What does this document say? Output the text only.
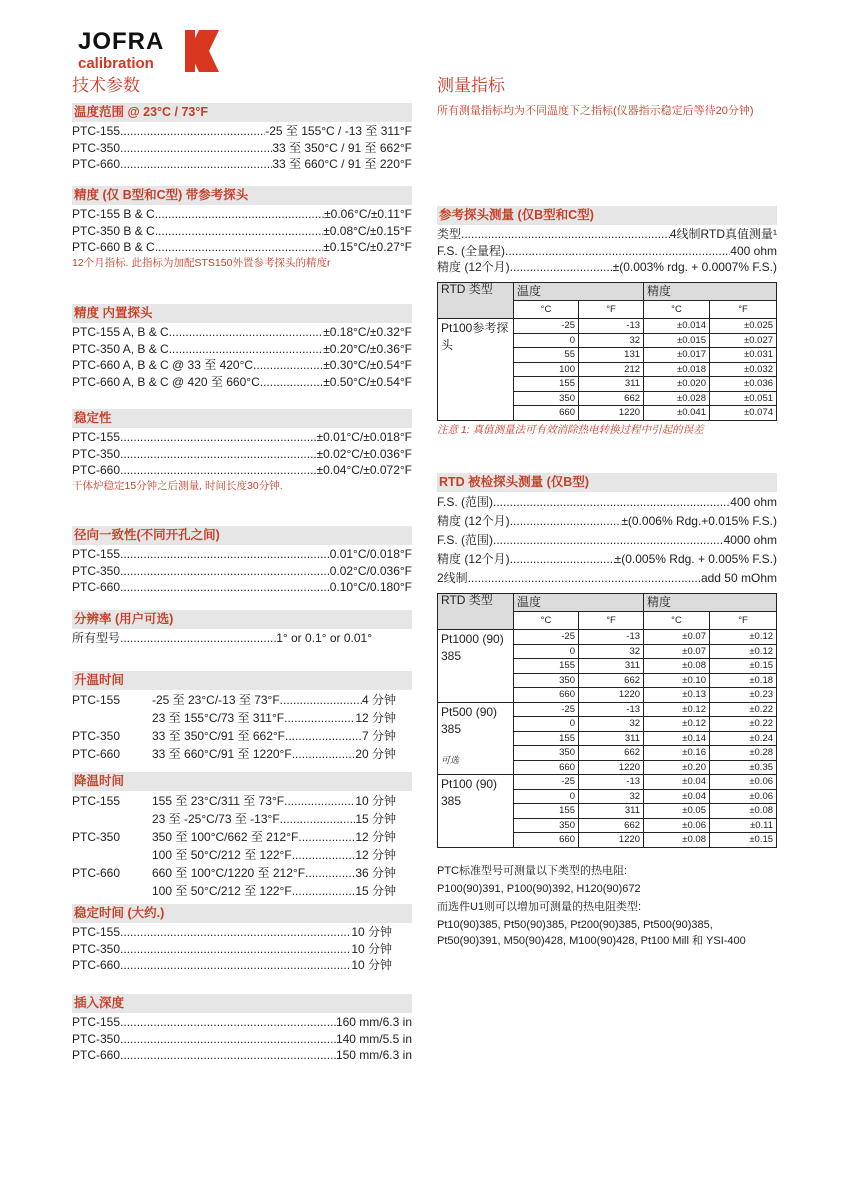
JOFRA
calibration
技术参数	测量指标
温度范围 @ 23°C / 73°F
PTC-155 .....	-25 至 155°C / -13 至 311°F
PTC-350 .....	33 至 350°C / 91 至 662°F
PTC-660 .....	33 至 660°C / 91 至 220°F
精度 (仅 B型和C型) 带参考探头
PTC-155 B & C .....	±0.06°C/±0.11°F
PTC-350 B & C .....	±0.08°C/±0.15°F
PTC-660 B & C .....	±0.15°C/±0.27°F
12个月指标. 此指标为加配STS150外置参考探头的精度r
精度 内置探头
PTC-155 A, B & C .....	±0.18°C/±0.32°F
PTC-350 A, B & C .....	±0.20°C/±0.36°F
PTC-660 A, B & C @ 33 至 420°C .....	±0.30°C/±0.54°F
PTC-660 A, B & C @ 420 至 660°C .....	±0.50°C/±0.54°F
稳定性
PTC-155 .....	±0.01°C/±0.018°F
PTC-350 .....	±0.02°C/±0.036°F
PTC-660 .....	±0.04°C/±0.072°F
干体炉稳定15分钟之后测量, 时间长度30分钟.
径向一致性(不同开孔之间)
PTC-155 .....	0.01°C/0.018°F
PTC-350 .....	0.02°C/0.036°F
PTC-660 .....	0.10°C/0.180°F
分辨率 (用户可选)
所有型号 .....	1° or 0.1° or 0.01°
升温时间
PTC-155	-25 至 23°C/-13 至 73°F .....	4 分钟
23 至 155°C/73 至 311°F .....	12 分钟
PTC-350	33 至 350°C/91 至 662°F .....	7 分钟
PTC-660	33 至 660°C/91 至 1220°F .....	20 分钟
降温时间
PTC-155	155 至 23°C/311 至 73°F .....	10 分钟
23 至 -25°C/73 至 -13°F .....	15 分钟
PTC-350	350 至 100°C/662 至 212°F .....	12 分钟
100 至 50°C/212 至 122°F .....	12 分钟
PTC-660	660 至 100°C/1220 至 212°F .....	36 分钟
100 至 50°C/212 至 122°F .....	15 分钟
稳定时间 (大约.)
PTC-155 .....	10 分钟
PTC-350 .....	10 分钟
PTC-660 .....	10 分钟
插入深度
PTC-155 .....	160 mm/6.3 in
PTC-350 .....	140 mm/5.5 in
PTC-660 .....	150 mm/6.3 in
所有测量指标均为不同温度下之指标(仪器指示稳定后等待20分钟)
参考探头测量 (仅B型和C型)
类型 .....	4线制RTD真值测量¹
F.S. (全量程) .....	400 ohm
精度 (12个月) .....	±(0.003% rdg. + 0.0007% F.S.)
RTD 类型	温度		精度	
	°C	°F	°C	°F
Pt100参考探头	-25	-13	±0.014	±0.025
	0	32	±0.015	±0.027
	55	131	±0.017	±0.031
	100	212	±0.018	±0.032
	155	311	±0.020	±0.036
	350	662	±0.028	±0.051
	660	1220	±0.041	±0.074
注意 1: 真值测量法可有效消除热电转换过程中引起的误差
RTD 被检探头测量 (仅B型)
F.S. (范围) .....	400 ohm
精度 (12个月) .....	±(0.006% Rdg.+0.015% F.S.)
F.S. (范围) .....	4000 ohm
精度 (12个月) .....	±(0.005% Rdg. + 0.005% F.S.)
2线制 .....	add 50 mOhm
RTD 类型	温度		精度	
	°C	°F	°C	°F
Pt1000 (90) 385	-25	-13	±0.07	±0.12
	0	32	±0.07	±0.12
	155	311	±0.08	±0.15
	350	662	±0.10	±0.18
	660	1220	±0.13	±0.23
Pt500 (90) 385
可选	-25	-13	±0.12	±0.22
	0	32	±0.12	±0.22
	155	311	±0.14	±0.24
	350	662	±0.16	±0.28
	660	1220	±0.20	±0.35
Pt100 (90) 385	-25	-13	±0.04	±0.06
	0	32	±0.04	±0.06
	155	311	±0.05	±0.08
	350	662	±0.06	±0.11
	660	1220	±0.08	±0.15
PTC标准型号可测量以下类型的热电阻:
P100(90)391, P100(90)392, H120(90)672
而选件U1则可以增加可测量的热电阻类型:
Pt10(90)385, Pt50(90)385, Pt200(90)385, Pt500(90)385,
Pt50(90)391, M50(90)428, M100(90)428, Pt100 Mill 和 YSI-400
